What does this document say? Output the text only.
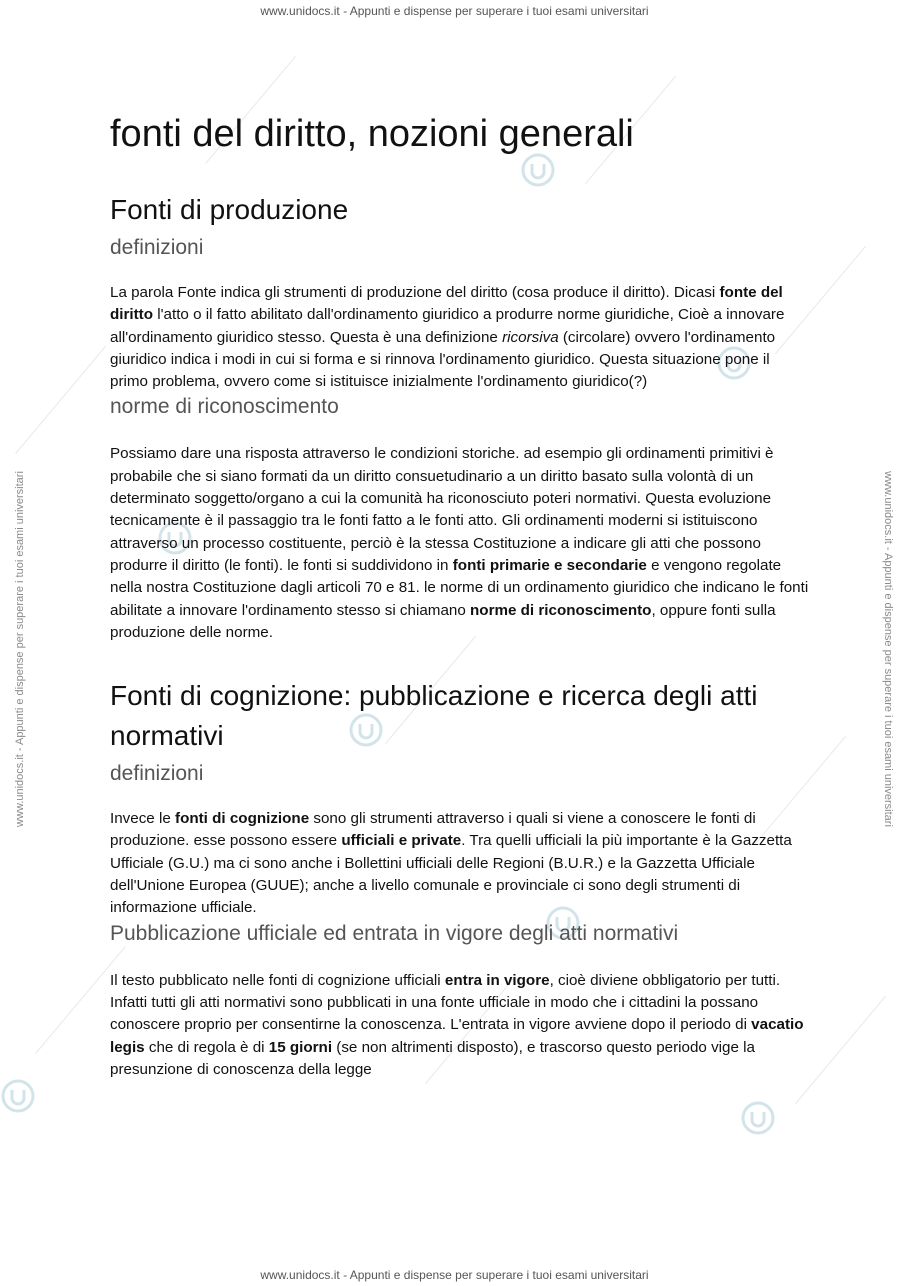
www.unidocs.it - Appunti e dispense per superare i tuoi esami universitari
www.unidocs.it - Appunti e dispense per superare i tuoi esami universitari
www.unidocs.it - Appunti e dispense per superare i tuoi esami universitari	www.unidocs.it - Appunti e dispense per superare i tuoi esami universitari
fonti del diritto, nozioni generali
Fonti di produzione
definizioni

La parola Fonte indica gli strumenti di produzione del diritto (cosa produce il diritto). Dicasi fonte del diritto l'atto o il fatto abilitato dall'ordinamento giuridico a produrre norme giuridiche, Cioè a innovare all'ordinamento giuridico stesso. Questa è una definizione ricorsiva (circolare) ovvero l'ordinamento giuridico indica i modi in cui si forma e si rinnova l'ordinamento giuridico. Questa situazione pone il primo problema, ovvero come si istituisce inizialmente l'ordinamento giuridico(?)

norme di riconoscimento

Possiamo dare una risposta attraverso le condizioni storiche. ad esempio gli ordinamenti primitivi è probabile che si siano formati da un diritto consuetudinario a un diritto basato sulla volontà di un determinato soggetto/organo a cui la comunità ha riconosciuto poteri normativi. Questa evoluzione tecnicamente è il passaggio tra le fonti fatto a le fonti atto. Gli ordinamenti moderni si istituiscono attraverso un processo costituente, perciò è la stessa Costituzione a indicare gli atti che possono produrre il diritto (le fonti). le fonti si suddividono in fonti primarie e secondarie e vengono regolate nella nostra Costituzione dagli articoli 70 e 81. le norme di un ordinamento giuridico che indicano le fonti abilitate a innovare l'ordinamento stesso si chiamano norme di riconoscimento, oppure fonti sulla produzione delle norme.

Fonti di cognizione: pubblicazione e ricerca degli atti normativi
definizioni

Invece le fonti di cognizione sono gli strumenti attraverso i quali si viene a conoscere le fonti di produzione. esse possono essere ufficiali e private. Tra quelli ufficiali la più importante è la Gazzetta Ufficiale (G.U.) ma ci sono anche i Bollettini ufficiali delle Regioni (B.U.R.) e la Gazzetta Ufficiale dell'Unione Europea (GUUE); anche a livello comunale e provinciale ci sono degli strumenti di informazione ufficiale.

Pubblicazione ufficiale ed entrata in vigore degli atti normativi

Il testo pubblicato nelle fonti di cognizione ufficiali entra in vigore, cioè diviene obbligatorio per tutti. Infatti tutti gli atti normativi sono pubblicati in una fonte ufficiale in modo che i cittadini la possano conoscere proprio per consentirne la conoscenza. L'entrata in vigore avviene dopo il periodo di vacatio legis che di regola è di 15 giorni (se non altrimenti disposto), e trascorso questo periodo vige la presunzione di conoscenza della legge
